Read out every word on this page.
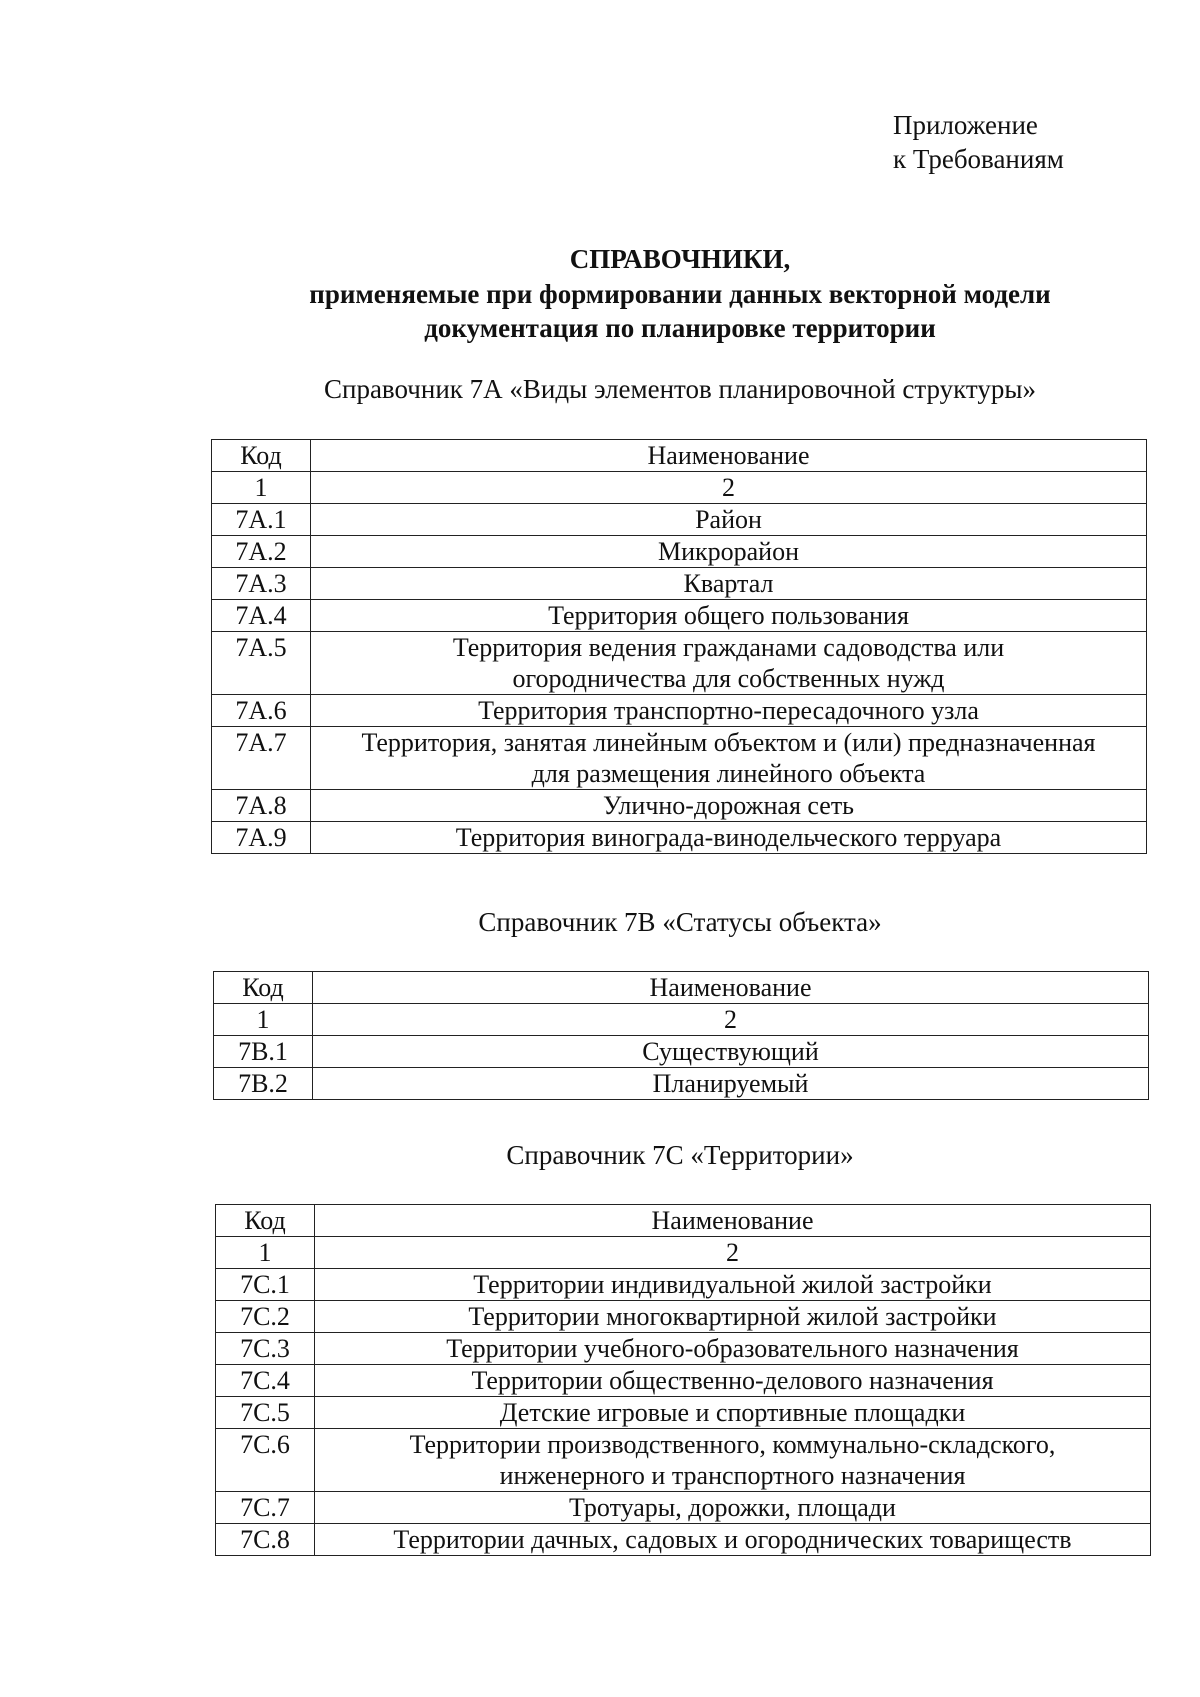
Приложение
к Требованиям
СПРАВОЧНИКИ,
применяемые при формировании данных векторной модели
документация по планировке территории
Справочник 7А «Виды элементов планировочной структуры»
Код	Наименование
1	2
7А.1	Район
7А.2	Микрорайон
7А.3	Квартал
7А.4	Территория общего пользования
7А.5	Территория ведения гражданами садоводства или огородничества для собственных нужд
7А.6	Территория транспортно-пересадочного узла
7А.7	Территория, занятая линейным объектом и (или) предназначенная для размещения линейного объекта
7А.8	Улично-дорожная сеть
7А.9	Территория винограда-винодельческого терруара
Справочник 7В «Статусы объекта»
Код	Наименование
1	2
7В.1	Существующий
7В.2	Планируемый
Справочник 7С «Территории»
Код	Наименование
1	2
7С.1	Территории индивидуальной жилой застройки
7С.2	Территории многоквартирной жилой застройки
7С.3	Территории учебного-образовательного назначения
7С.4	Территории общественно-делового назначения
7С.5	Детские игровые и спортивные площадки
7С.6	Территории производственного, коммунально-складского, инженерного и транспортного назначения
7С.7	Тротуары, дорожки, площади
7С.8	Территории дачных, садовых и огороднических товариществ
